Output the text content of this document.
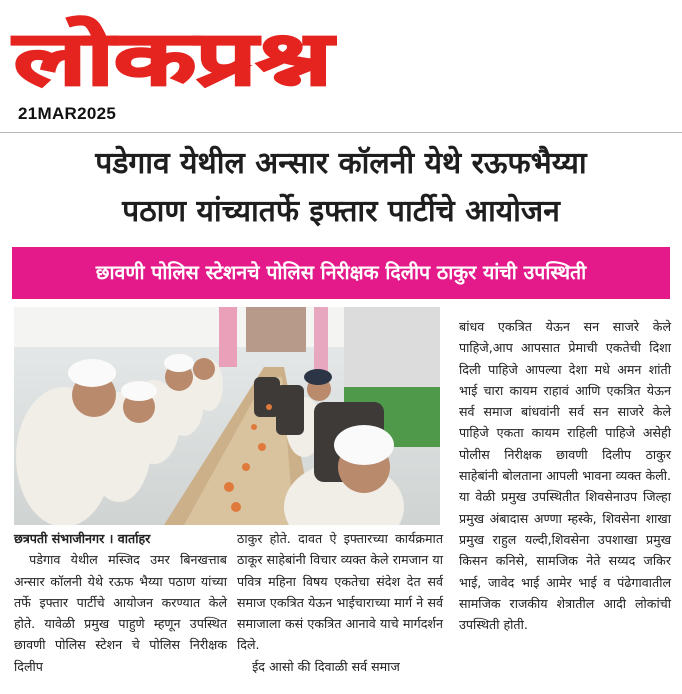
लोकप्रश्न
21MAR2025
पडेगाव येथील अन्सार कॉलनी येथे रऊफभैय्या
पठाण यांच्यातर्फे इफ्तार पार्टीचे आयोजन
छावणी पोलिस स्टेशनचे पोलिस निरीक्षक दिलीप ठाकुर यांची उपस्थिती

छत्रपती संभाजीनगर । वार्ताहर

पडेगाव येथील मस्जिद उमर बिनखत्ताब अन्सार कॉलनी येथे रऊफ भैय्या पठाण यांच्या तर्फे इफ्तार पार्टीचे आयोजन करण्यात केले होते. यावेळी प्रमुख पाहुणे म्हणून उपस्थित छावणी पोलिस स्टेशन चे पोलिस निरीक्षक दिलीप

ठाकुर होते. दावत ऐ इफ्तारच्या कार्यक्रमात ठाकूर साहेबांनी विचार व्यक्त केले रामजान या पवित्र महिना विषय एकतेचा संदेश देत सर्व समाज एकत्रित येऊन भाईचाराच्या मार्ग ने सर्व समाजाला कसं एकत्रित आनावे याचे मार्गदर्शन दिले.

ईद आसो की दिवाळी सर्व समाज

बांधव एकत्रित येऊन सन साजरे केले पाहिजे,आप आपसात प्रेमाची एकतेची दिशा दिली पाहिजे आपल्या देशा मधे अमन शांती भाई चारा कायम राहावं आणि एकत्रित येऊन सर्व समाज बांधवांनी सर्व सन साजरे केले पाहिजे एकता कायम राहिली पाहिजे असेही पोलीस निरीक्षक छावणी दिलीप ठाकुर साहेबांनी बोलताना आपली भावना व्यक्त केली. या वेळी प्रमुख उपस्थितीत शिवसेनाउप जिल्हा प्रमुख अंबादास अण्णा म्हस्के, शिवसेना शाखा प्रमुख राहुल यल्दी,शिवसेना उपशाखा प्रमुख किसन कनिसे, सामजिक नेते सय्यद जकिर भाई, जावेद भाई आमेर भाई व पंढेगावातील सामजिक राजकीय शेत्रातील आदी लोकांची उपस्थिती होती.
